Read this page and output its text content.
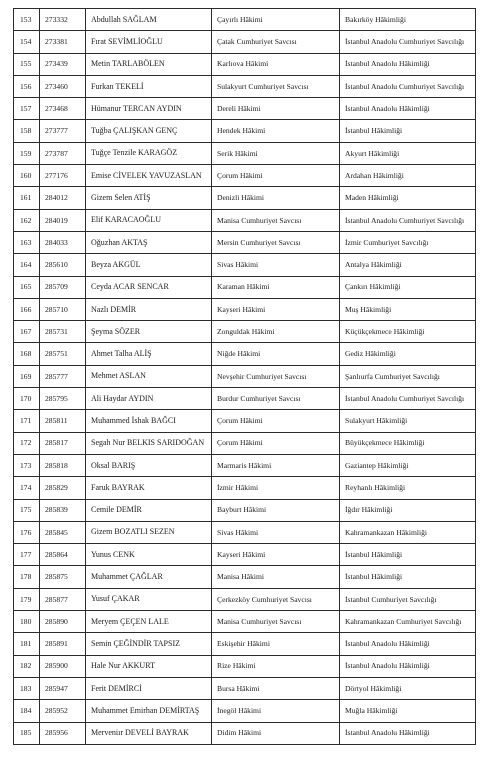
153	273332	Abdullah SAĞLAM	Çayırlı Hâkimi	Bakırköy Hâkimliği
154	273381	Fırat SEVİMLİOĞLU	Çatak Cumhuriyet Savcısı	İstanbul Anadolu Cumhuriyet Savcılığı
155	273439	Metin TARLABÖLEN	Karlıova Hâkimi	İstanbul Anadolu Hâkimliği
156	273460	Furkan TEKELİ	Sulakyurt Cumhuriyet Savcısı	İstanbul Anadolu Cumhuriyet Savcılığı
157	273468	Hümanur TERCAN AYDIN	Dereli Hâkimi	İstanbul Anadolu Hâkimliği
158	273777	Tuğba ÇALIŞKAN GENÇ	Hendek Hâkimi	İstanbul Hâkimliği
159	273787	Tuğçe Tenzile KARAGÖZ	Serik Hâkimi	Akyurt Hâkimliği
160	277176	Emise CİVELEK YAVUZASLAN	Çorum Hâkimi	Ardahan Hâkimliği
161	284012	Gizem Selen ATİŞ	Denizli Hâkimi	Maden Hâkimliği
162	284019	Elif KARACAOĞLU	Manisa Cumhuriyet Savcısı	İstanbul Anadolu Cumhuriyet Savcılığı
163	284033	Oğuzhan AKTAŞ	Mersin Cumhuriyet Savcısı	İzmir Cumhuriyet Savcılığı
164	285610	Beyza AKGÜL	Sivas Hâkimi	Antalya Hâkimliği
165	285709	Ceyda ACAR SENCAR	Karaman Hâkimi	Çankırı Hâkimliği
166	285710	Nazlı DEMİR	Kayseri Hâkimi	Muş Hâkimliği
167	285731	Şeyma SÖZER	Zonguldak Hâkimi	Küçükçekmece Hâkimliği
168	285751	Ahmet Talha ALİŞ	Niğde Hâkimi	Gediz Hâkimliği
169	285777	Mehmet ASLAN	Nevşehir Cumhuriyet Savcısı	Şanlıurfa Cumhuriyet Savcılığı
170	285795	Ali Haydar AYDIN	Burdur Cumhuriyet Savcısı	İstanbul Anadolu Cumhuriyet Savcılığı
171	285811	Muhammed İshak BAĞCI	Çorum Hâkimi	Sulakyurt Hâkimliği
172	285817	Segah Nur BELKIS SARIDOĞAN	Çorum Hâkimi	Büyükçekmece Hâkimliği
173	285818	Oksal BARIŞ	Marmaris Hâkimi	Gaziantep Hâkimliği
174	285829	Faruk BAYRAK	İzmir Hâkimi	Reyhanlı Hâkimliği
175	285839	Cemile DEMİR	Bayburt Hâkimi	İğdır Hâkimliği
176	285845	Gizem BOZATLI SEZEN	Sivas Hâkimi	Kahramankazan Hâkimliği
177	285864	Yunus CENK	Kayseri Hâkimi	İstanbul Hâkimliği
178	285875	Muhammet ÇAĞLAR	Manisa Hâkimi	İstanbul Hâkimliği
179	285877	Yusuf ÇAKAR	Çerkezköy Cumhuriyet Savcısı	İstanbul Cumhuriyet Savcılığı
180	285890	Meryem ÇEÇEN LALE	Manisa Cumhuriyet Savcısı	Kahramankazan Cumhuriyet Savcılığı
181	285891	Semin ÇEĞİNDİR TAPSIZ	Eskişehir Hâkimi	İstanbul Anadolu Hâkimliği
182	285900	Hale Nur AKKURT	Rize Hâkimi	İstanbul Anadolu Hâkimliği
183	285947	Ferit DEMİRCİ	Bursa Hâkimi	Dörtyol Hâkimliği
184	285952	Muhammet Emirhan DEMİRTAŞ	İnegöl Hâkimi	Muğla Hâkimliği
185	285956	Merveniır DEVELİ BAYRAK	Didim Hâkimi	İstanbul Anadolu Hâkimliği
